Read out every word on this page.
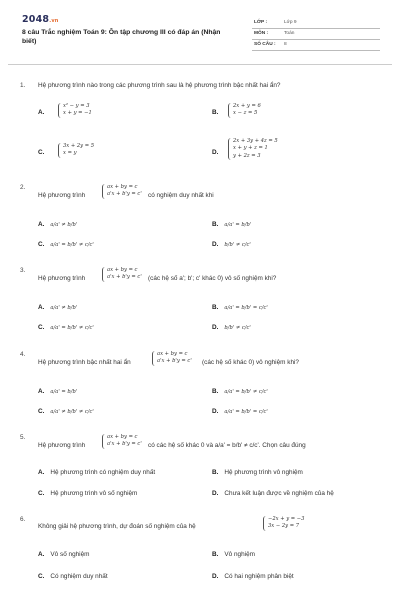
2048.vn
8 câu Trắc nghiệm Toán 9: Ôn tập chương III có đáp án (Nhận biết)
LỚP :	Lớp 9
MÔN :	Toán
SỐ CÂU : 8
1. Hệ phương trình nào trong các phương trình sau là hệ phương trình bậc nhất hai ẩn?
A.
x² − y = 3
x + y = −1	B.
2x + y = 6
x − z = 5
C.
3x + 2y = 5
x = y	D.
2x + 3y + 4z = 5
x + y + z = 1
y + 2z = 3
2.
Hệ phương trình
ax + by = c
a'x + b'y = c' có nghiệm duy nhất khi
A. a/a' ≠ b/b'	B. a/a' = b/b'
C. a/a' = b/b' ≠ c/c'	D. b/b' ≠ c/c'
3.
Hệ phương trình
ax + by = c
a'x + b'y = c' (các hệ số a'; b'; c' khác 0) vô số nghiệm khi?
A. a/a' ≠ b/b'	B. a/a' = b/b' = c/c'
C. a/a' = b/b' ≠ c/c'	D. b/b' ≠ c/c'
4.
Hệ phương trình bậc nhất hai ẩn
ax + by = c
a'x + b'y = c' (các hệ số khác 0) vô nghiệm khi?
A. a/a' = b/b'	B. a/a' = b/b' ≠ c/c'
C. a/a' ≠ b/b' ≠ c/c'	D. a/a' = b/b' = c/c'
5.
Hệ phương trình
ax + by = c
a'x + b'y = c' có các hệ số khác 0 và a/a' = b/b' ≠ c/c'. Chọn câu đúng
A. Hệ phương trình có nghiệm duy nhất	B. Hệ phương trình vô nghiệm
C. Hệ phương trình vô số nghiệm	D. Chưa kết luận được về nghiệm của hệ
6.
Không giải hệ phương trình, dự đoán số nghiệm của hệ
−2x + y = −3
3x − 2y = 7
A. Vô số nghiệm	B. Vô nghiệm
C. Có nghiệm duy nhất	D. Có hai nghiệm phân biệt
